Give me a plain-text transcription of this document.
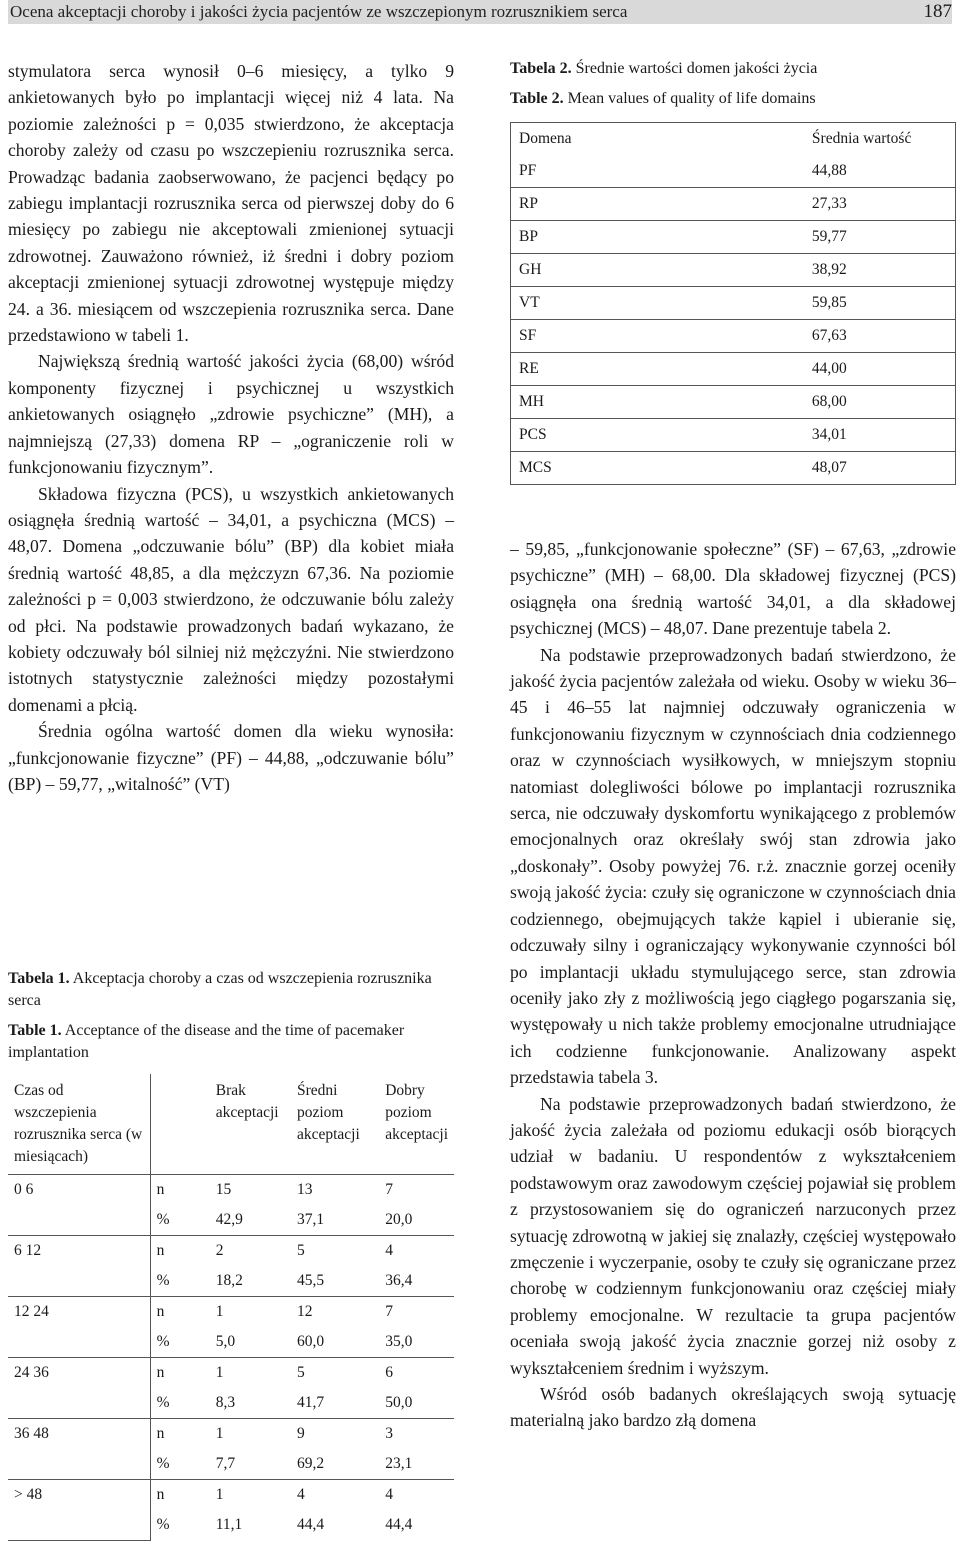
Ocena akceptacji choroby i jakości życia pacjentów ze wszczepionym rozrusznikiem serca	187

stymulatora serca wynosił 0–6 miesięcy, a tylko 9 ankietowanych było po implantacji więcej niż 4 lata. Na poziomie zależności p = 0,035 stwierdzono, że akceptacja choroby zależy od czasu po wszczepieniu rozrusznika serca. Prowadząc badania zaobserwowano, że pacjenci będący po zabiegu implantacji rozrusznika serca od pierwszej doby do 6 miesięcy po zabiegu nie akceptowali zmienionej sytuacji zdrowotnej. Zauważono również, iż średni i dobry poziom akceptacji zmienionej sytuacji zdrowotnej występuje między 24. a 36. miesiącem od wszczepienia rozrusznika serca. Dane przedstawiono w tabeli 1.

Największą średnią wartość jakości życia (68,00) wśród komponenty fizycznej i psychicznej u wszystkich ankietowanych osiągnęło „zdrowie psychiczne” (MH), a najmniejszą (27,33) domena RP – „ograniczenie roli w funkcjonowaniu fizycznym”.

Składowa fizyczna (PCS), u wszystkich ankietowanych osiągnęła średnią wartość – 34,01, a psychiczna (MCS) – 48,07. Domena „odczuwanie bólu” (BP) dla kobiet miała średnią wartość 48,85, a dla mężczyzn 67,36. Na poziomie zależności p = 0,003 stwierdzono, że odczuwanie bólu zależy od płci. Na podstawie prowadzonych badań wykazano, że kobiety odczuwały ból silniej niż mężczyźni. Nie stwierdzono istotnych statystycznie zależności między pozostałymi domenami a płcią.

Średnia ogólna wartość domen dla wieku wynosiła: „funkcjonowanie fizyczne” (PF) – 44,88, „odczuwanie bólu” (BP) – 59,77, „witalność” (VT)

Tabela 1. Akceptacja choroby a czas od wszczepienia rozrusznika serca
Table 1. Acceptance of the disease and the time of pacemaker implantation
Czas od wszczepienia rozrusznika serca (w miesiącach)		Brak akceptacji	Średni poziom akceptacji	Dobry poziom akceptacji
0 6	n	15	13	7
	%	42,9	37,1	20,0
6 12	n	2	5	4
	%	18,2	45,5	36,4
12 24	n	1	12	7
	%	5,0	60,0	35,0
24 36	n	1	5	6
	%	8,3	41,7	50,0
36 48	n	1	9	3
	%	7,7	69,2	23,1
> 48	n	1	4	4
	%	11,1	44,4	44,4
Tabela 2. Średnie wartości domen jakości życia
Table 2. Mean values of quality of life domains
Domena	Średnia wartość
PF	44,88
RP	27,33
BP	59,77
GH	38,92
VT	59,85
SF	67,63
RE	44,00
MH	68,00
PCS	34,01
MCS	48,07

– 59,85, „funkcjonowanie społeczne” (SF) – 67,63, „zdrowie psychiczne” (MH) – 68,00. Dla składowej fizycznej (PCS) osiągnęła ona średnią wartość 34,01, a dla składowej psychicznej (MCS) – 48,07. Dane prezentuje tabela 2.

Na podstawie przeprowadzonych badań stwierdzono, że jakość życia pacjentów zależała od wieku. Osoby w wieku 36–45 i 46–55 lat najmniej odczuwały ograniczenia w funkcjonowaniu fizycznym w czynnościach dnia codziennego oraz w czynnościach wysiłkowych, w mniejszym stopniu natomiast dolegliwości bólowe po implantacji rozrusznika serca, nie odczuwały dyskomfortu wynikającego z problemów emocjonalnych oraz określały swój stan zdrowia jako „doskonały”. Osoby powyżej 76. r.ż. znacznie gorzej oceniły swoją jakość życia: czuły się ograniczone w czynnościach dnia codziennego, obejmujących także kąpiel i ubieranie się, odczuwały silny i ograniczający wykonywanie czynności ból po implantacji układu stymulującego serce, stan zdrowia oceniły jako zły z możliwością jego ciągłego pogarszania się, występowały u nich także problemy emocjonalne utrudniające ich codzienne funkcjonowanie. Analizowany aspekt przedstawia tabela 3.

Na podstawie przeprowadzonych badań stwierdzono, że jakość życia zależała od poziomu edukacji osób biorących udział w badaniu. U respondentów z wykształceniem podstawowym oraz zawodowym częściej pojawiał się problem z przystosowaniem się do ograniczeń narzuconych przez sytuację zdrowotną w jakiej się znalazły, częściej występowało zmęczenie i wyczerpanie, osoby te czuły się ograniczane przez chorobę w codziennym funkcjonowaniu oraz częściej miały problemy emocjonalne. W rezultacie ta grupa pacjentów oceniała swoją jakość życia znacznie gorzej niż osoby z wykształceniem średnim i wyższym.

Wśród osób badanych określających swoją sytuację materialną jako bardzo złą domena
